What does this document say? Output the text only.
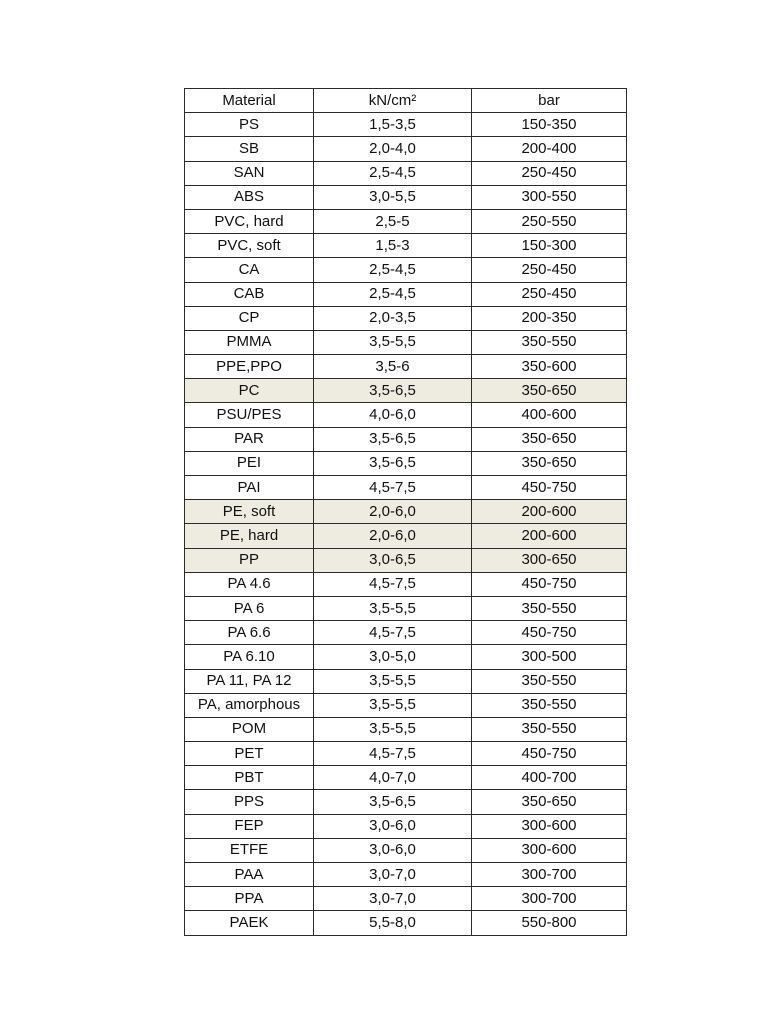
Material	kN/cm²	bar
PS	1,5-3,5	150-350
SB	2,0-4,0	200-400
SAN	2,5-4,5	250-450
ABS	3,0-5,5	300-550
PVC, hard	2,5-5	250-550
PVC, soft	1,5-3	150-300
CA	2,5-4,5	250-450
CAB	2,5-4,5	250-450
CP	2,0-3,5	200-350
PMMA	3,5-5,5	350-550
PPE,PPO	3,5-6	350-600
PC	3,5-6,5	350-650
PSU/PES	4,0-6,0	400-600
PAR	3,5-6,5	350-650
PEI	3,5-6,5	350-650
PAI	4,5-7,5	450-750
PE, soft	2,0-6,0	200-600
PE, hard	2,0-6,0	200-600
PP	3,0-6,5	300-650
PA 4.6	4,5-7,5	450-750
PA 6	3,5-5,5	350-550
PA 6.6	4,5-7,5	450-750
PA 6.10	3,0-5,0	300-500
PA 11, PA 12	3,5-5,5	350-550
PA, amorphous	3,5-5,5	350-550
POM	3,5-5,5	350-550
PET	4,5-7,5	450-750
PBT	4,0-7,0	400-700
PPS	3,5-6,5	350-650
FEP	3,0-6,0	300-600
ETFE	3,0-6,0	300-600
PAA	3,0-7,0	300-700
PPA	3,0-7,0	300-700
PAEK	5,5-8,0	550-800
